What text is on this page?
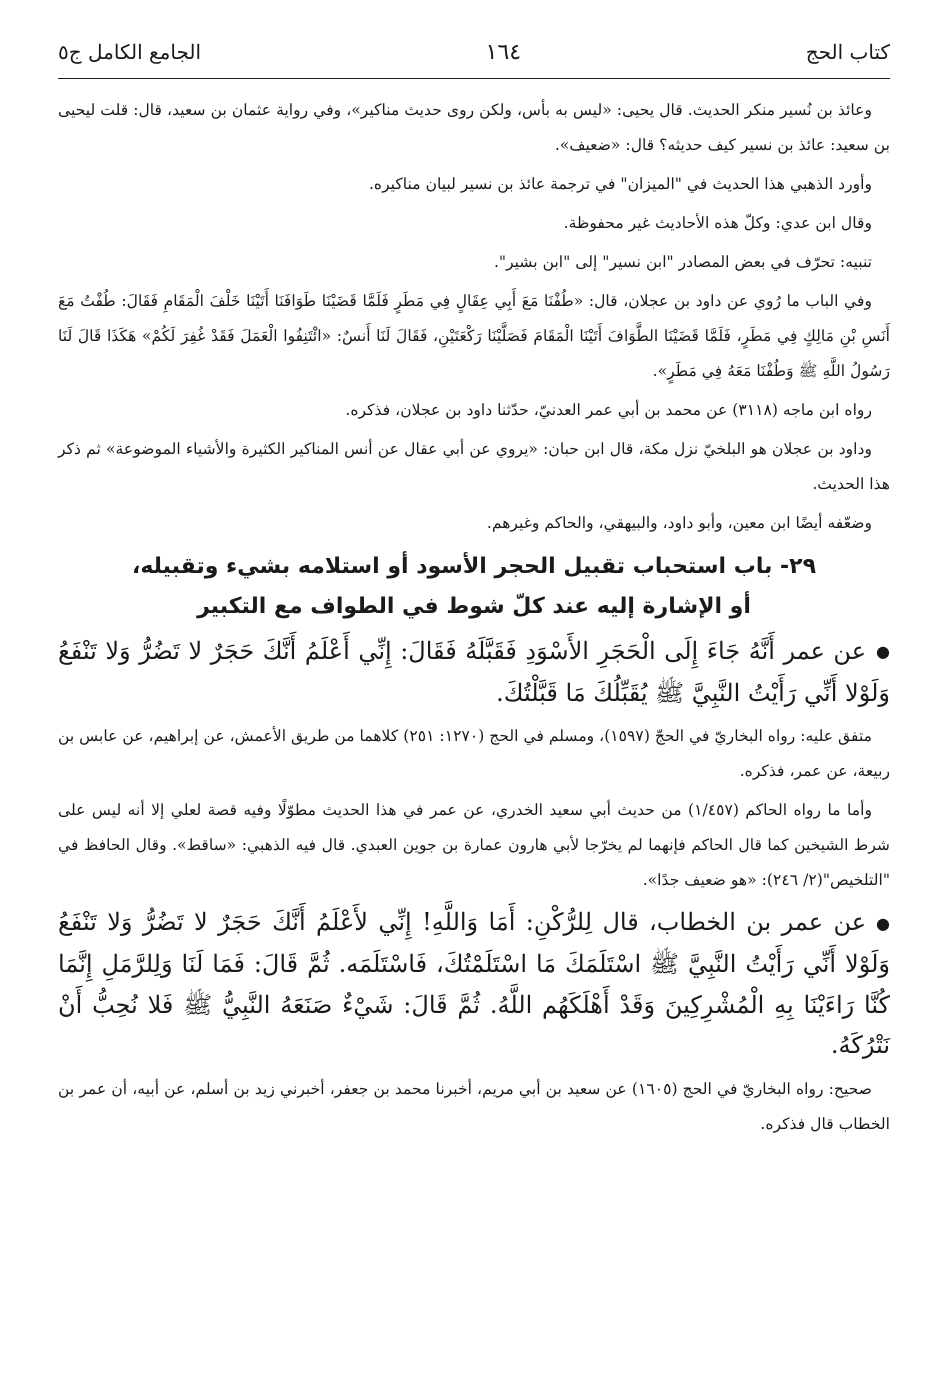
كتاب الحج
١٦٤
الجامع الكامل ج٥

وعائذ بن نُسير منكر الحديث. قال يحيى: «ليس به بأس، ولكن روى حديث مناكير»، وفي رواية عثمان بن سعيد، قال: قلت ليحيى بن سعيد: عائذ بن نسير كيف حديثه؟ قال: «ضعيف».

وأورد الذهبي هذا الحديث في "الميزان" في ترجمة عائذ بن نسير لبيان مناكيره.

وقال ابن عدي: وكلّ هذه الأحاديث غير محفوظة.

تنبيه: تحرّف في بعض المصادر "ابن نسير" إلى "ابن بشير".

وفي الباب ما رُوي عن داود بن عجلان، قال: «طُفْنَا مَعَ أَبِي عِقَالٍ فِي مَطَرٍ فَلَمَّا قَضَيْنَا طَوَافَنَا أَتَيْنَا خَلْفَ الْمَقَامِ فَقَالَ: طُفْتُ مَعَ أَنَسِ بْنِ مَالِكٍ فِي مَطَرٍ، فَلَمَّا قَضَيْنَا الطَّوَافَ أَتَيْنَا الْمَقَامَ فَصَلَّيْنَا رَكْعَتَيْنِ، فَقَالَ لَنَا أَنسٌ: «ائْتَنِفُوا الْعَمَلَ فَقَدْ غُفِرَ لَكُمْ» هَكَذَا قَالَ لَنَا رَسُولُ اللَّهِ ﷺ وَطُفْنَا مَعَهُ فِي مَطَرٍ».

رواه ابن ماجه (٣١١٨) عن محمد بن أبي عمر العدنيّ، حدّثنا داود بن عجلان، فذكره.

وداود بن عجلان هو البلخيّ نزل مكة، قال ابن حبان: «يروي عن أبي عقال عن أنس المناكير الكثيرة والأشياء الموضوعة» ثم ذكر هذا الحديث.

وضعّفه أيضًا ابن معين، وأبو داود، والبيهقي، والحاكم وغيرهم.

٢٩- باب استحباب تقبيل الحجر الأسود أو استلامه بشيء وتقبيله،
أو الإشارة إليه عند كلّ شوط في الطواف مع التكبير

●عن عمر أَنَّهُ جَاءَ إِلَى الْحَجَرِ الأَسْوَدِ فَقَبَّلَهُ فَقَالَ: إِنِّي أَعْلَمُ أَنَّكَ حَجَرٌ لا تَضُرُّ وَلا تَنْفَعُ وَلَوْلا أَنِّي رَأَيْتُ النَّبِيَّ ﷺ يُقَبِّلُكَ مَا قَبَّلْتُكَ.

متفق عليه: رواه البخاريّ في الحجّ (١٥٩٧)، ومسلم في الحج (١٢٧٠: ٢٥١) كلاهما من طريق الأعمش، عن إبراهيم، عن عابس بن ربيعة، عن عمر، فذكره.

وأما ما رواه الحاكم (١/٤٥٧) من حديث أبي سعيد الخدري، عن عمر في هذا الحديث مطوّلًا وفيه قصة لعلي إلا أنه ليس على شرط الشيخين كما قال الحاكم فإنهما لم يخرّجا لأبي هارون عمارة بن جوين العبدي. قال فيه الذهبي: «ساقط». وقال الحافظ في "التلخيص"(٢/ ٢٤٦): «هو ضعيف جدًا».

●عن عمر بن الخطاب، قال لِلرُّكْنِ: أَمَا وَاللَّهِ! إِنِّي لأَعْلَمُ أَنَّكَ حَجَرٌ لا تَضُرُّ وَلا تَنْفَعُ وَلَوْلا أَنِّي رَأَيْتُ النَّبِيَّ ﷺ اسْتَلَمَكَ مَا اسْتَلَمْتُكَ، فَاسْتَلَمَه. ثُمَّ قَالَ: فَمَا لَنَا وَلِلرَّمَلِ إِنَّمَا كُنَّا رَاءَيْنَا بِهِ الْمُشْرِكِينَ وَقَدْ أَهْلَكَهُم اللَّهُ. ثُمَّ قَالَ: شَيْءٌ صَنَعَهُ النَّبِيُّ ﷺ فَلا نُحِبُّ أَنْ نَتْرُكَهُ.

صحيح: رواه البخاريّ في الحج (١٦٠٥) عن سعيد بن أبي مريم، أخبرنا محمد بن جعفر، أخبرني زيد بن أسلم، عن أبيه، أن عمر بن الخطاب قال فذكره.
